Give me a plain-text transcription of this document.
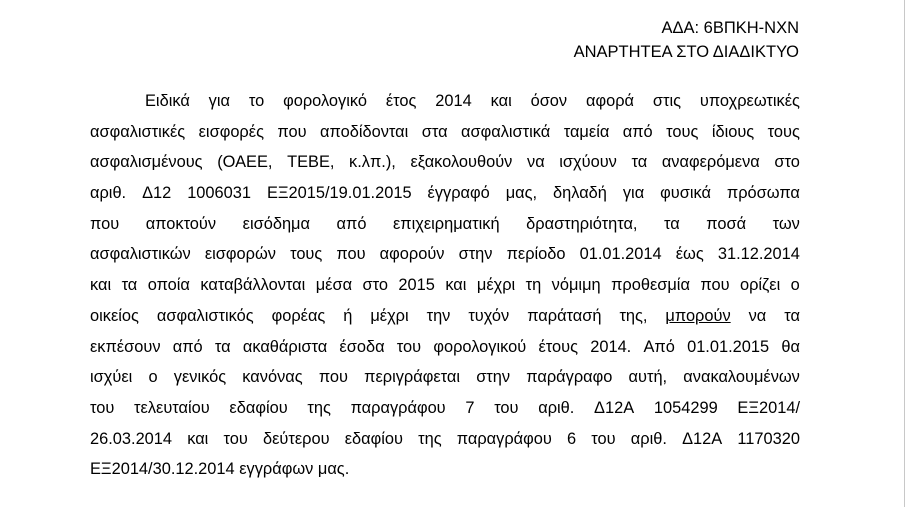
ΑΔΑ: 6ΒΠΚΗ-ΝΧΝ
ΑΝΑΡΤΗΤΕΑ ΣΤΟ ΔΙΑΔΙΚΤΥΟ
Ειδικά για το φορολογικό έτος 2014 και όσον αφορά στις υποχρεωτικές
ασφαλιστικές εισφορές που αποδίδονται στα ασφαλιστικά ταμεία από τους ίδιους τους
ασφαλισμένους (ΟΑΕΕ, ΤΕΒΕ, κ.λπ.), εξακολουθούν να ισχύουν τα αναφερόμενα στο
αριθ. Δ12 1006031 ΕΞ2015/19.01.2015 έγγραφό μας, δηλαδή για φυσικά πρόσωπα
που αποκτούν εισόδημα από επιχειρηματική δραστηριότητα, τα ποσά των
ασφαλιστικών εισφορών τους που αφορούν στην περίοδο 01.01.2014 έως 31.12.2014
και τα οποία καταβάλλονται μέσα στο 2015 και μέχρι τη νόμιμη προθεσμία που ορίζει ο
οικείος ασφαλιστικός φορέας ή μέχρι την τυχόν παράτασή της, μπορούν να τα
εκπέσουν από τα ακαθάριστα έσοδα του φορολογικού έτους 2014. Από 01.01.2015 θα
ισχύει ο γενικός κανόνας που περιγράφεται στην παράγραφο αυτή, ανακαλουμένων
του τελευταίου εδαφίου της παραγράφου 7 του αριθ. Δ12Α 1054299 ΕΞ2014/
26.03.2014 και του δεύτερου εδαφίου της παραγράφου 6 του αριθ. Δ12Α 1170320
ΕΞ2014/30.12.2014 εγγράφων μας.
